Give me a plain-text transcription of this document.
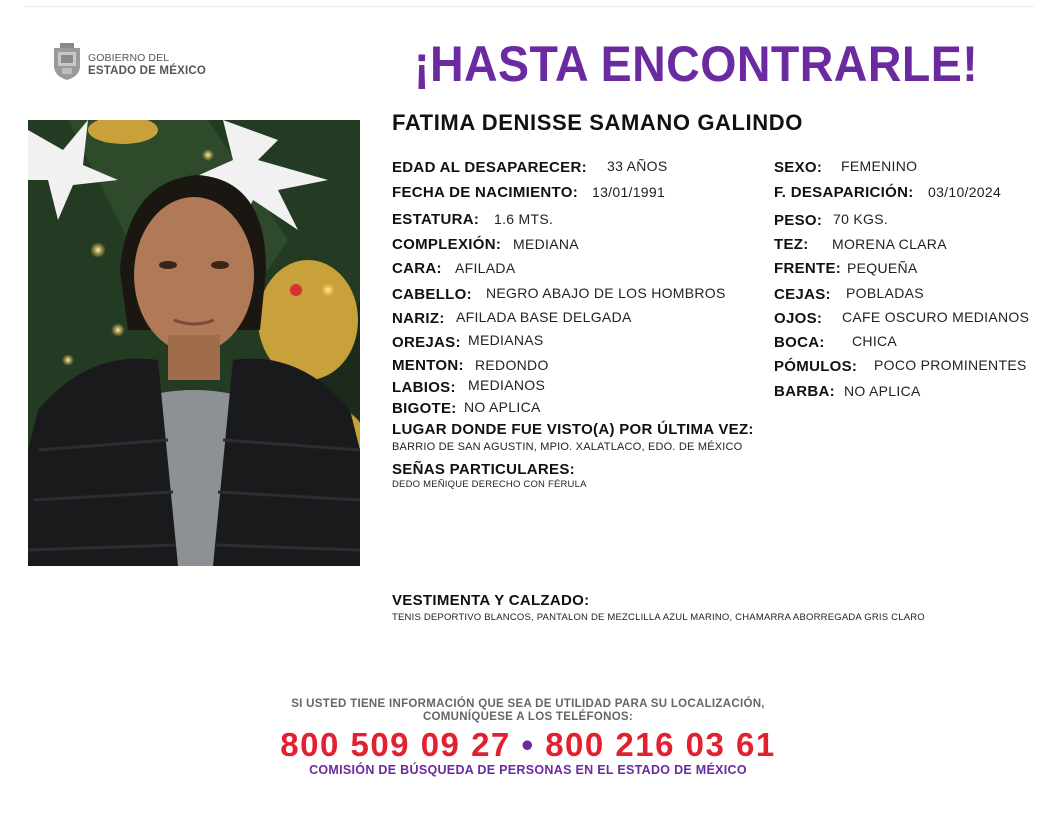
GOBIERNO DEL
ESTADO DE MÉXICO	¡HASTA ENCONTRARLE!
FATIMA DENISSE SAMANO GALINDO
EDAD AL DESAPARECER: 33 AÑOS
FECHA DE NACIMIENTO: 13/01/1991
ESTATURA: 1.6 MTS.
COMPLEXIÓN: MEDIANA
CARA: AFILADA
CABELLO: NEGRO ABAJO DE LOS HOMBROS
NARIZ: AFILADA BASE DELGADA
OREJAS: MEDIANAS
MENTON: REDONDO
LABIOS: MEDIANOS
BIGOTE: NO APLICA
SEXO: FEMENINO
F. DESAPARICIÓN: 03/10/2024
PESO: 70 KGS.
TEZ: MORENA CLARA
FRENTE: PEQUEÑA
CEJAS: POBLADAS
OJOS: CAFE OSCURO MEDIANOS
BOCA: CHICA
PÓMULOS: POCO PROMINENTES
BARBA: NO APLICA
LUGAR DONDE FUE VISTO(A) POR ÚLTIMA VEZ:
BARRIO DE SAN AGUSTIN, MPIO. XALATLACO, EDO. DE MÉXICO
SEÑAS PARTICULARES:
DEDO MEÑIQUE DERECHO CON FÉRULA
VESTIMENTA Y CALZADO:
TENIS DEPORTIVO BLANCOS, PANTALON DE MEZCLILLA AZUL MARINO, CHAMARRA ABORREGADA GRIS CLARO
SI USTED TIENE INFORMACIÓN QUE SEA DE UTILIDAD PARA SU LOCALIZACIÓN,
COMUNÍQUESE A LOS TELÉFONOS:
800 509 09 27 • 800 216 03 61
COMISIÓN DE BÚSQUEDA DE PERSONAS EN EL ESTADO DE MÉXICO
